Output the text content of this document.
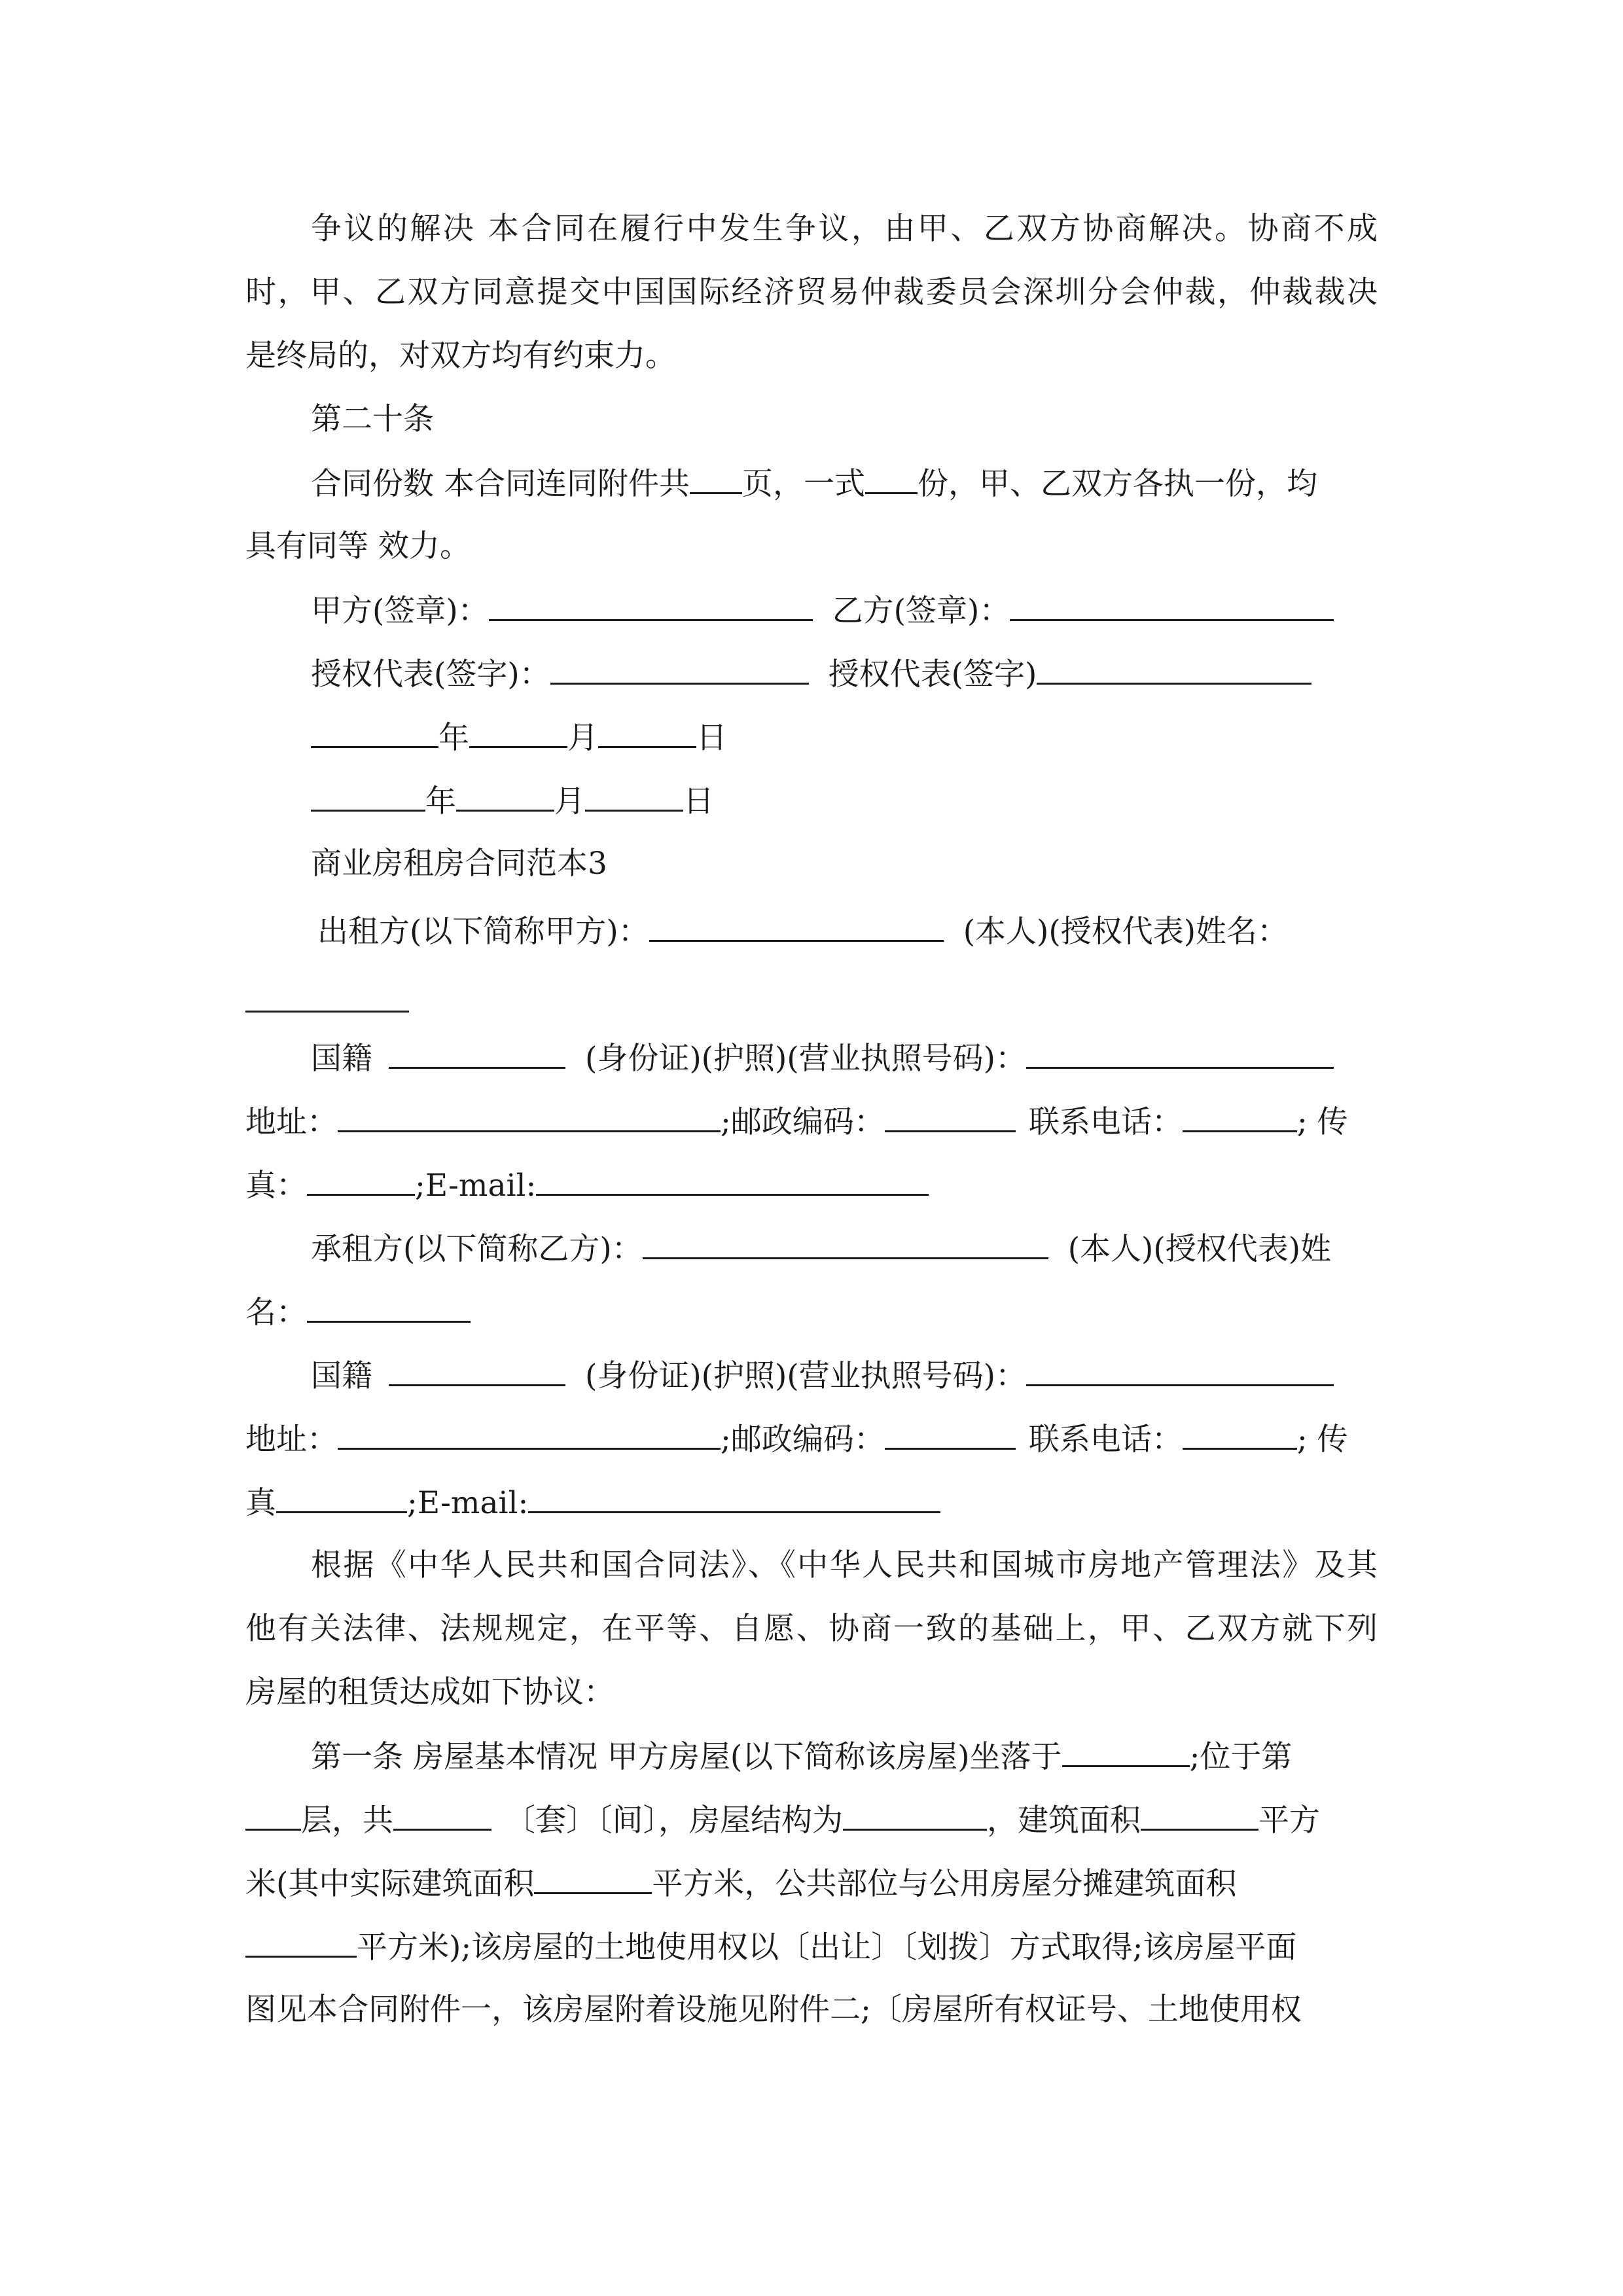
争议的解决 本合同在履行中发生争议，由甲、乙双方协商解决。协商不成
时，甲、乙双方同意提交中国国际经济贸易仲裁委员会深圳分会仲裁，仲裁裁决
是终局的，对双方均有约束力。
第二十条
合同份数 本合同连同附件共 页，一式 份，甲、乙双方各执一份，均
具有同等 效力。
甲方(签章)：	乙方(签章)：
授权代表(签字)：	授权代表(签字)
年	月	日
年	月	日
商业房租房合同范本3
出租方(以下简称甲方)：	(本人)(授权代表)姓名：
国籍	(身份证)(护照)(营业执照号码)：
地址：	;邮政编码：	联系电话：	; 传
真：	;E-mail:
承租方(以下简称乙方)：	(本人)(授权代表)姓
名：
国籍	(身份证)(护照)(营业执照号码)：
地址：	;邮政编码：	联系电话：	; 传
真	;E-mail:
根据《中华人民共和国合同法》、《中华人民共和国城市房地产管理法》及其
他有关法律、法规规定，在平等、自愿、协商一致的基础上，甲、乙双方就下列
房屋的租赁达成如下协议：
第一条 房屋基本情况 甲方房屋(以下简称该房屋)坐落于	;位于第
层，共	〔套〕〔间〕，房屋结构为	，建筑面积	平方
米(其中实际建筑面积	平方米，公共部位与公用房屋分摊建筑面积
平方米);该房屋的土地使用权以〔出让〕〔划拨〕方式取得;该房屋平面
图见本合同附件一，该房屋附着设施见附件二;〔房屋所有权证号、土地使用权
